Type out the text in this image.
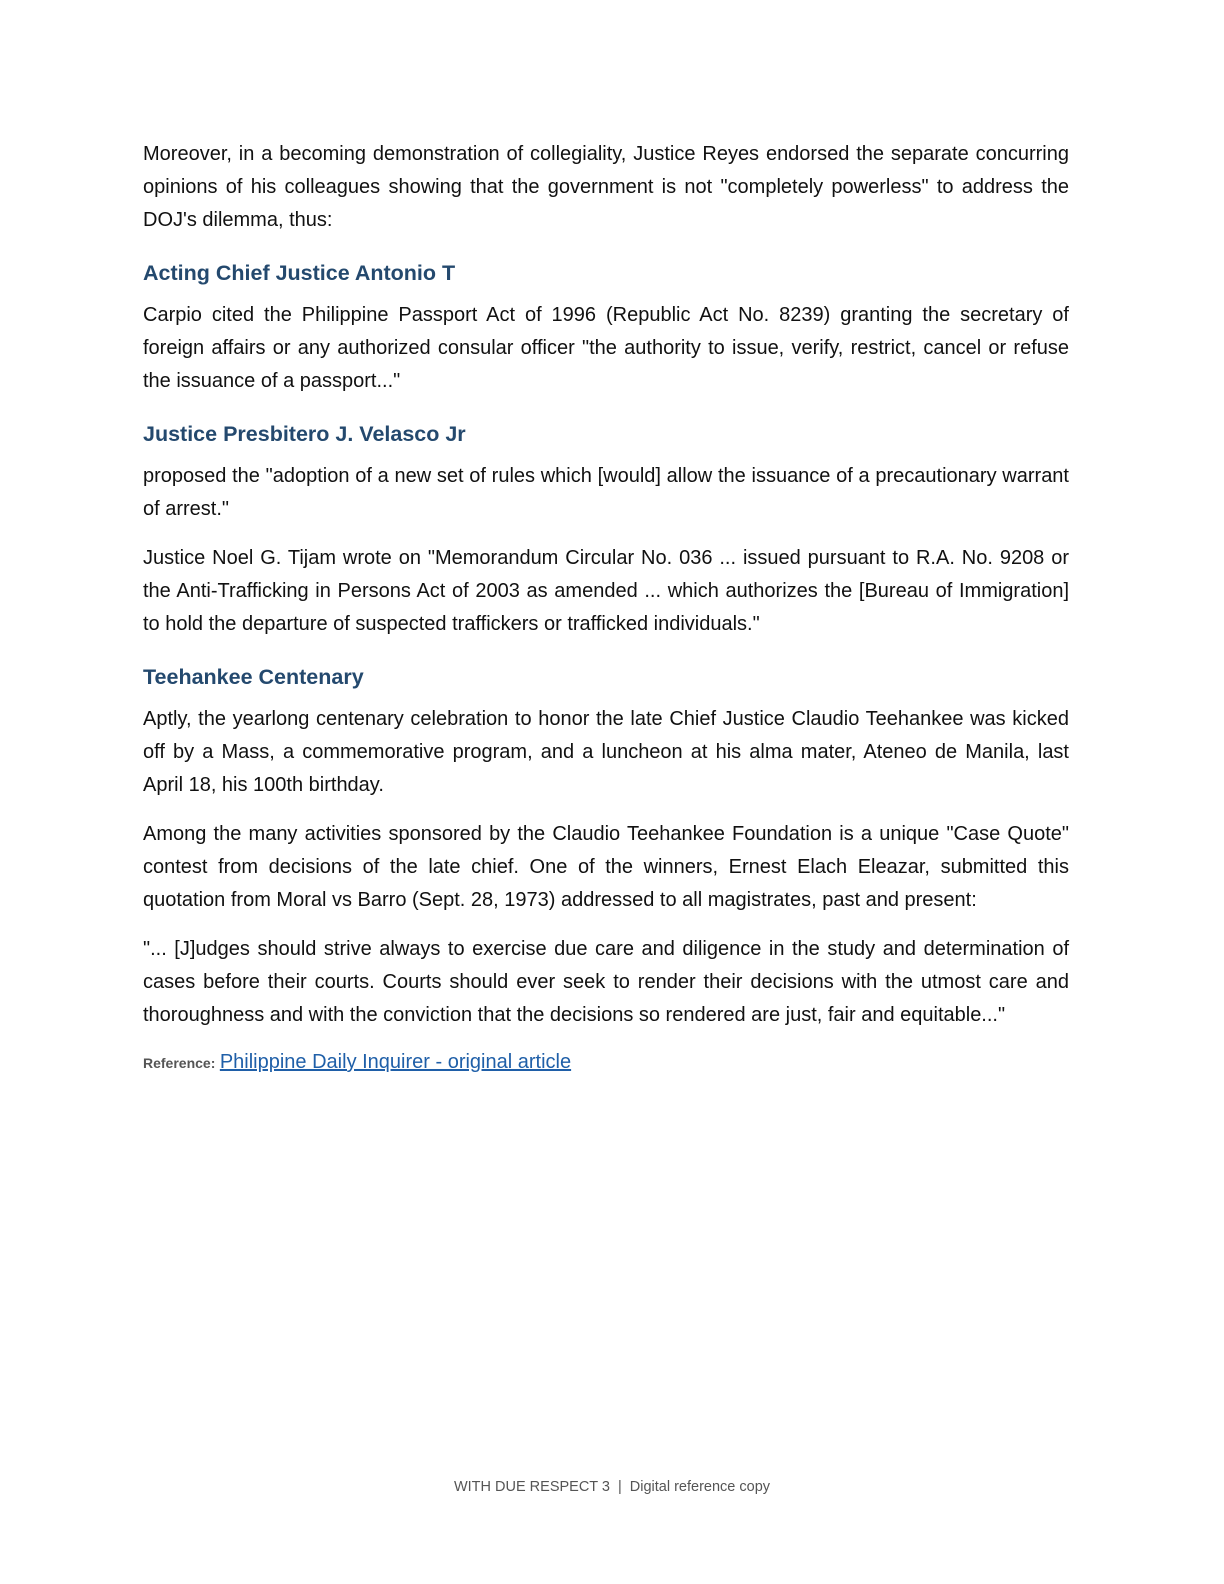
Moreover, in a becoming demonstration of collegiality, Justice Reyes endorsed the separate concurring opinions of his colleagues showing that the government is not "completely powerless" to address the DOJ's dilemma, thus:

Acting Chief Justice Antonio T

Carpio cited the Philippine Passport Act of 1996 (Republic Act No. 8239) granting the secretary of foreign affairs or any authorized consular officer "the authority to issue, verify, restrict, cancel or refuse the issuance of a passport..."

Justice Presbitero J. Velasco Jr

proposed the "adoption of a new set of rules which [would] allow the issuance of a precautionary warrant of arrest."

Justice Noel G. Tijam wrote on "Memorandum Circular No. 036 ... issued pursuant to R.A. No. 9208 or the Anti-Trafficking in Persons Act of 2003 as amended ... which authorizes the [Bureau of Immigration] to hold the departure of suspected traffickers or trafficked individuals."

Teehankee Centenary

Aptly, the yearlong centenary celebration to honor the late Chief Justice Claudio Teehankee was kicked off by a Mass, a commemorative program, and a luncheon at his alma mater, Ateneo de Manila, last April 18, his 100th birthday.

Among the many activities sponsored by the Claudio Teehankee Foundation is a unique "Case Quote" contest from decisions of the late chief. One of the winners, Ernest Elach Eleazar, submitted this quotation from Moral vs Barro (Sept. 28, 1973) addressed to all magistrates, past and present:

"... [J]udges should strive always to exercise due care and diligence in the study and determination of cases before their courts. Courts should ever seek to render their decisions with the utmost care and thoroughness and with the conviction that the decisions so rendered are just, fair and equitable..."

Reference: Philippine Daily Inquirer - original article
WITH DUE RESPECT 3 | Digital reference copy
